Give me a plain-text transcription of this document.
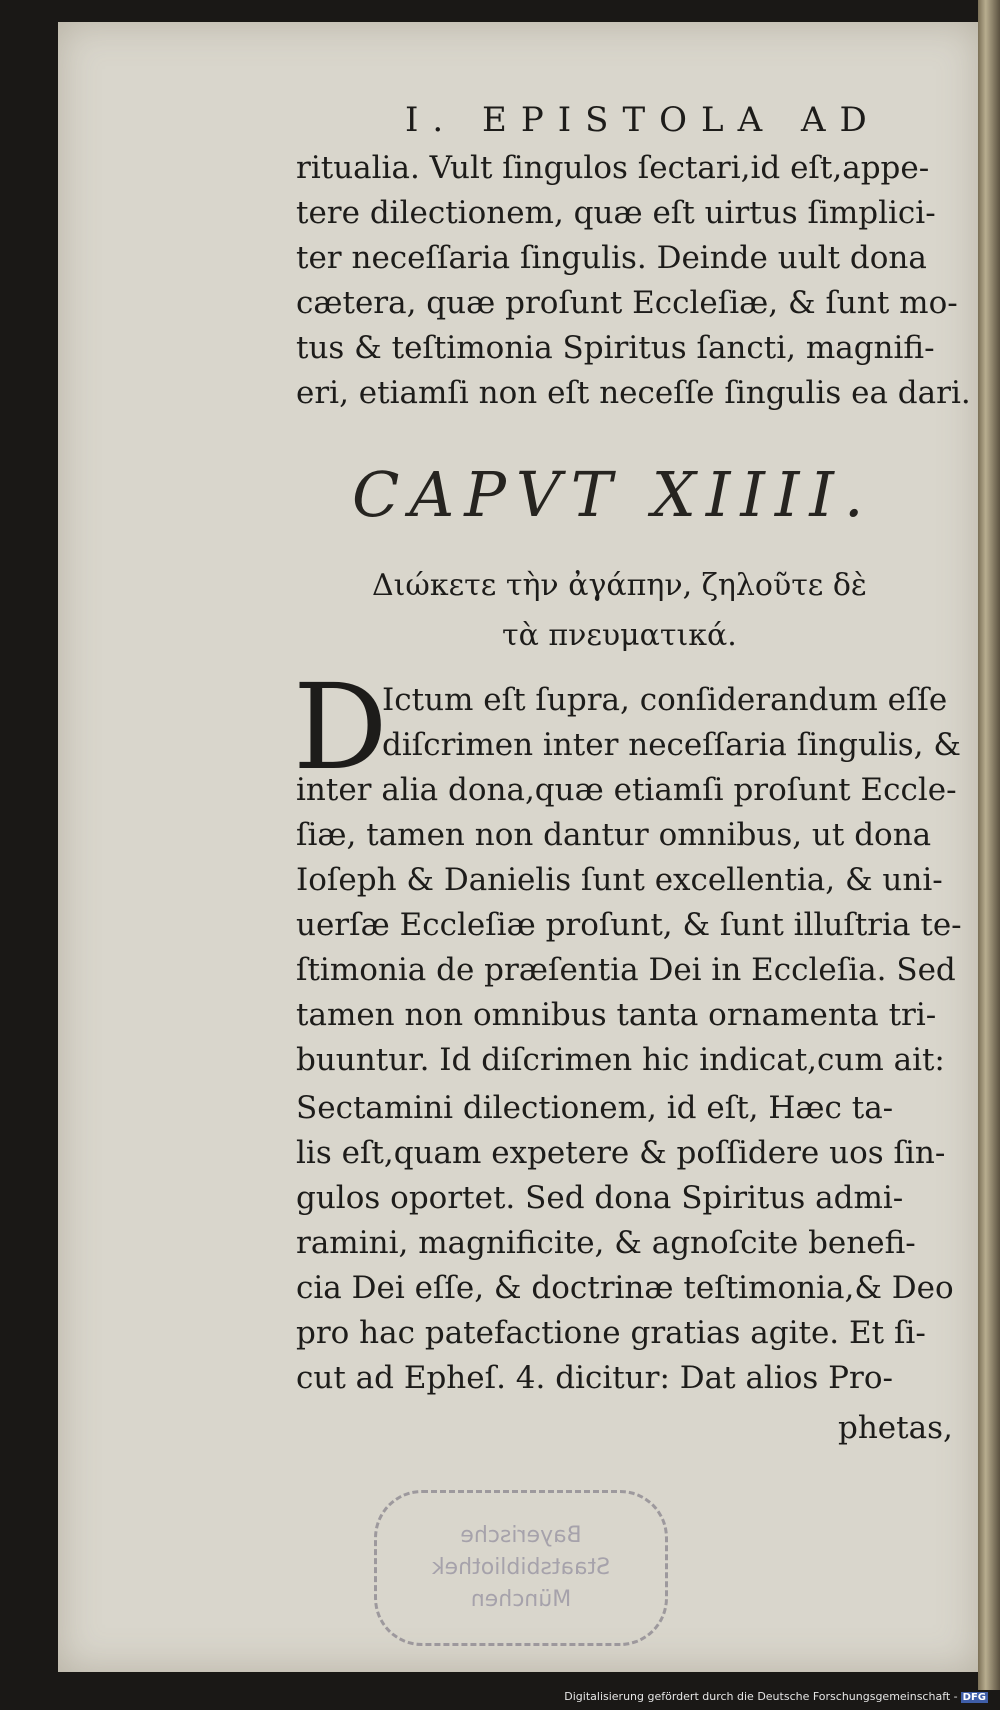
I. EPISTOLA AD
ritualia. Vult ſingulos ſectari,id eſt,appe-
tere dilectionem, quæ eſt uirtus ſimplici-
ter neceſſaria ſingulis. Deinde uult dona
cætera, quæ proſunt Eccleſiæ, & ſunt mo-
tus & teſtimonia Spiritus ſancti, magnifi-
eri, etiamſi non eſt neceſſe ſingulis ea dari.
CAPVT XIIII.
Διώκετε τὴν ἀγάπην, ζηλοῦτε δὲ
τὰ πνευματικά.
D
Ictum eſt ſupra, conſiderandum eſſe
diſcrimen inter neceſſaria ſingulis, &
inter alia dona,quæ etiamſi proſunt Eccle-
ſiæ, tamen non dantur omnibus, ut dona
Ioſeph & Danielis ſunt excellentia, & uni-
uerſæ Eccleſiæ proſunt, & ſunt illuſtria te-
ſtimonia de præſentia Dei in Eccleſia. Sed
tamen non omnibus tanta ornamenta tri-
buuntur. Id diſcrimen hic indicat,cum ait:
Sectamini dilectionem, id eſt, Hæc ta-
lis eſt,quam expetere & poſſidere uos ſin-
gulos oportet. Sed dona Spiritus admi-
ramini, magnificite, & agnoſcite benefi-
cia Dei eſſe, & doctrinæ teſtimonia,& Deo
pro hac patefactione gratias agite. Et ſi-
cut ad Epheſ. 4. dicitur: Dat alios Pro-
phetas,
Bayerische
Staatsbibliothek
München
Digitalisierung gefördert durch die Deutsche Forschungsgemeinschaft - DFG
